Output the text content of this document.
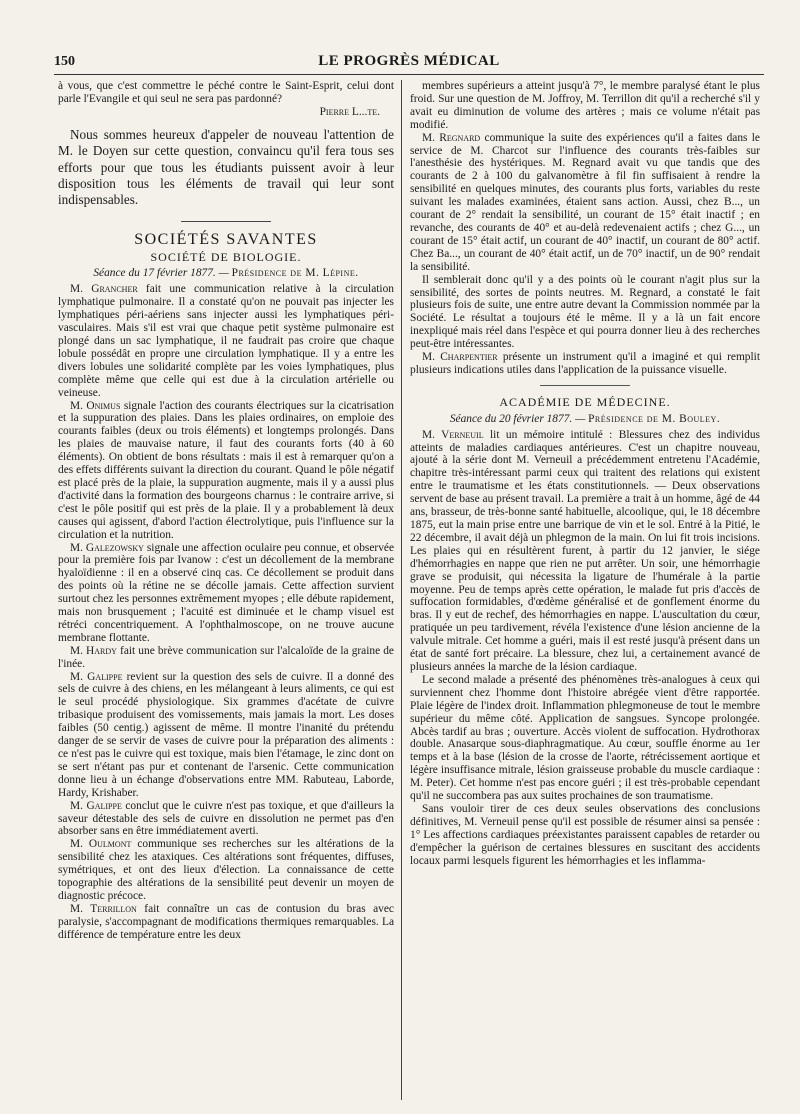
150	LE PROGRÈS MÉDICAL

à vous, que c'est commettre le péché contre le Saint-Esprit, celui dont parle l'Evangile et qui seul ne sera pas pardonné?

Pierre L...te.

Nous sommes heureux d'appeler de nouveau l'attention de M. le Doyen sur cette question, convaincu qu'il fera tous ses efforts pour que tous les étudiants puissent avoir à leur disposition tous les éléments de travail qui leur sont indispensables.

SOCIÉTÉS SAVANTES
SOCIÉTÉ DE BIOLOGIE.
Séance du 17 février 1877. — Présidence de M. Lépine.

M. Grancher fait une communication relative à la circulation lymphatique pulmonaire. Il a constaté qu'on ne pouvait pas injecter les lymphatiques péri-aériens sans injecter aussi les lymphatiques péri-vasculaires. Mais s'il est vrai que chaque petit système pulmonaire est plongé dans un sac lymphatique, il ne faudrait pas croire que chaque lobule possédât en propre une circulation lymphatique. Il y a entre les divers lobules une solidarité complète par les voies lymphatiques, plus complète même que celle qui est due à la circulation artérielle ou veineuse.

M. Onimus signale l'action des courants électriques sur la cicatrisation et la suppuration des plaies. Dans les plaies ordinaires, on emploie des courants faibles (deux ou trois éléments) et longtemps prolongés. Dans les plaies de mauvaise nature, il faut des courants forts (40 à 60 éléments). On obtient de bons résultats : mais il est à remarquer qu'on a des effets différents suivant la direction du courant. Quand le pôle négatif est placé près de la plaie, la suppuration augmente, mais il y a aussi plus d'activité dans la formation des bourgeons charnus : le contraire arrive, si c'est le pôle positif qui est près de la plaie. Il y a probablement là deux causes qui agissent, d'abord l'action électrolytique, puis l'influence sur la circulation et la nutrition.

M. Galezowsky signale une affection oculaire peu connue, et observée pour la première fois par Ivanow : c'est un décollement de la membrane hyaloïdienne : il en a observé cinq cas. Ce décollement se produit dans des points où la rétine ne se décolle jamais. Cette affection survient surtout chez les personnes extrêmement myopes ; elle débute rapidement, mais non brusquement ; l'acuité est diminuée et le champ visuel est rétréci concentriquement. A l'ophthalmoscope, on ne trouve aucune membrane flottante.

M. Hardy fait une brève communication sur l'alcaloïde de la graine de l'inée.

M. Galippe revient sur la question des sels de cuivre. Il a donné des sels de cuivre à des chiens, en les mélangeant à leurs aliments, ce qui est le seul procédé physiologique. Six grammes d'acétate de cuivre tribasique produisent des vomissements, mais jamais la mort. Les doses faibles (50 centig.) agissent de même. Il montre l'inanité du prétendu danger de se servir de vases de cuivre pour la préparation des aliments : ce n'est pas le cuivre qui est toxique, mais bien l'étamage, le zinc dont on se sert n'étant pas pur et contenant de l'arsenic. Cette communication donne lieu à un échange d'observations entre MM. Rabuteau, Laborde, Hardy, Krishaber.

M. Galippe conclut que le cuivre n'est pas toxique, et que d'ailleurs la saveur détestable des sels de cuivre en dissolution ne permet pas d'en absorber sans en être immédiatement averti.

M. Oulmont communique ses recherches sur les altérations de la sensibilité chez les ataxiques. Ces altérations sont fréquentes, diffuses, symétriques, et ont des lieux d'élection. La connaissance de cette topographie des altérations de la sensibilité peut devenir un moyen de diagnostic précoce.

M. Terrillon fait connaître un cas de contusion du bras avec paralysie, s'accompagnant de modifications thermiques remarquables. La différence de température entre les deux

membres supérieurs a atteint jusqu'à 7°, le membre paralysé étant le plus froid. Sur une question de M. Joffroy, M. Terrillon dit qu'il a recherché s'il y avait eu diminution de volume des artères ; mais ce volume n'était pas modifié.

M. Regnard communique la suite des expériences qu'il a faites dans le service de M. Charcot sur l'influence des courants très-faibles sur l'anesthésie des hystériques. M. Regnard avait vu que tandis que des courants de 2 à 100 du galvanomètre à fil fin suffisaient à rendre la sensibilité en quelques minutes, des courants plus forts, variables du reste suivant les malades examinées, étaient sans action. Aussi, chez B..., un courant de 2° rendait la sensibilité, un courant de 15° était inactif ; en revanche, des courants de 40° et au-delà redevenaient actifs ; chez G..., un courant de 15° était actif, un courant de 40° inactif, un courant de 80° actif. Chez Ba..., un courant de 40° était actif, un de 70° inactif, un de 90° rendait la sensibilité.

Il semblerait donc qu'il y a des points où le courant n'agit plus sur la sensibilité, des sortes de points neutres. M. Regnard, a constaté le fait plusieurs fois de suite, une entre autre devant la Commission nommée par la Société. Le résultat a toujours été le même. Il y a là un fait encore inexpliqué mais réel dans l'espèce et qui pourra donner lieu à des recherches peut-être intéressantes.

M. Charpentier présente un instrument qu'il a imaginé et qui remplit plusieurs indications utiles dans l'application de la puissance visuelle.

ACADÉMIE DE MÉDECINE.
Séance du 20 février 1877. — Présidence de M. Bouley.

M. Verneuil lit un mémoire intitulé : Blessures chez des individus atteints de maladies cardiaques antérieures. C'est un chapitre nouveau, ajouté à la série dont M. Verneuil a précédemment entretenu l'Académie, chapitre très-intéressant parmi ceux qui traitent des relations qui existent entre le traumatisme et les états constitutionnels. — Deux observations servent de base au présent travail. La première a trait à un homme, âgé de 44 ans, brasseur, de très-bonne santé habituelle, alcoolique, qui, le 18 décembre 1875, eut la main prise entre une barrique de vin et le sol. Entré à la Pitié, le 22 décembre, il avait déjà un phlegmon de la main. On lui fit trois incisions. Les plaies qui en résultèrent furent, à partir du 12 janvier, le siége d'hémorrhagies en nappe que rien ne put arrêter. Un soir, une hémorrhagie grave se produisit, qui nécessita la ligature de l'humérale à la partie moyenne. Peu de temps après cette opération, le malade fut pris d'accès de suffocation formidables, d'œdème généralisé et de gonflement énorme du bras. Il y eut de rechef, des hémorrhagies en nappe. L'auscultation du cœur, pratiquée un peu tardivement, révéla l'existence d'une lésion ancienne de la valvule mitrale. Cet homme a guéri, mais il est resté jusqu'à présent dans un état de santé fort précaire. La blessure, chez lui, a certainement avancé de plusieurs années la marche de la lésion cardiaque.

Le second malade a présenté des phénomènes très-analogues à ceux qui surviennent chez l'homme dont l'histoire abrégée vient d'être rapportée. Plaie légère de l'index droit. Inflammation phlegmoneuse de tout le membre supérieur du même côté. Application de sangsues. Syncope prolongée. Abcès tardif au bras ; ouverture. Accès violent de suffocation. Hydrothorax double. Anasarque sous-diaphragmatique. Au cœur, souffle énorme au 1er temps et à la base (lésion de la crosse de l'aorte, rétrécissement aortique et légère insuffisance mitrale, lésion graisseuse probable du muscle cardiaque : M. Peter). Cet homme n'est pas encore guéri ; il est très-probable cependant qu'il ne succombera pas aux suites prochaines de son traumatisme.

Sans vouloir tirer de ces deux seules observations des conclusions définitives, M. Verneuil pense qu'il est possible de résumer ainsi sa pensée : 1° Les affections cardiaques préexistantes paraissent capables de retarder ou d'empêcher la guérison de certaines blessures en suscitant des accidents locaux parmi lesquels figurent les hémorrhagies et les inflamma-
